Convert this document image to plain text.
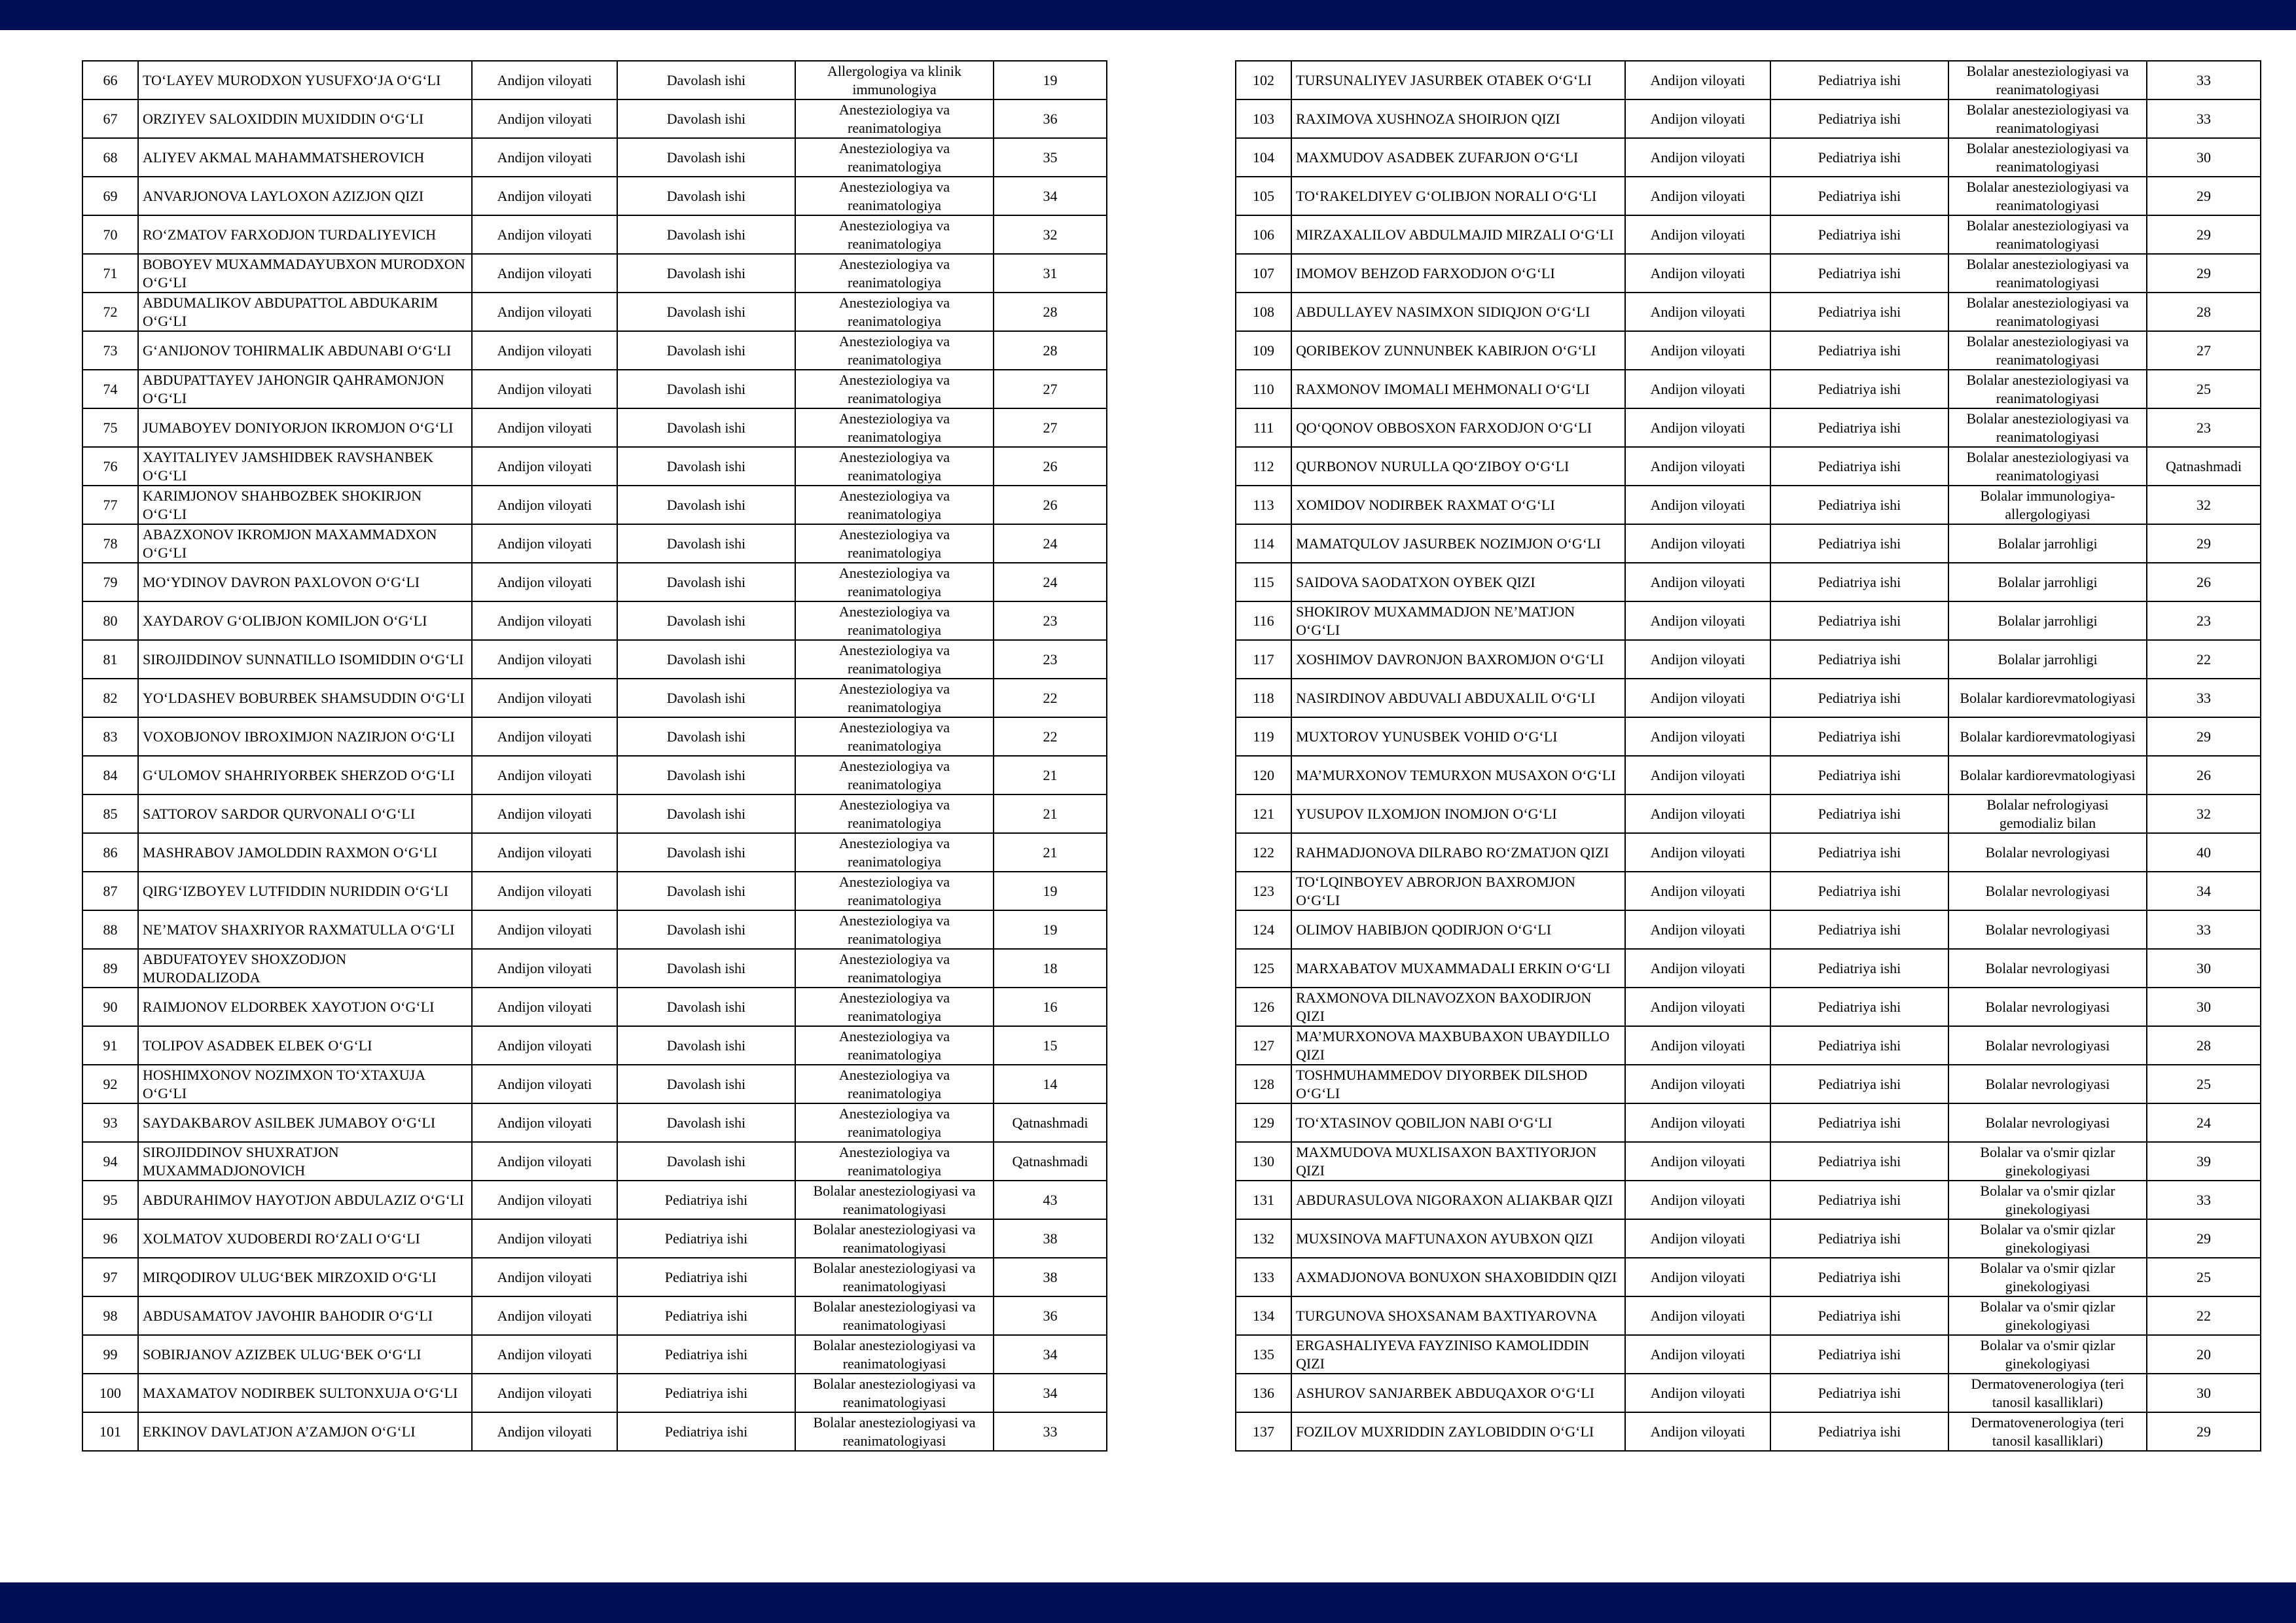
66	TO‘LAYEV MURODXON YUSUFXO‘JA O‘G‘LI	Andijon viloyati	Davolash ishi	Allergologiya va klinik immunologiya	19
67	ORZIYEV SALOXIDDIN MUXIDDIN O‘G‘LI	Andijon viloyati	Davolash ishi	Anesteziologiya va reanimatologiya	36
68	ALIYEV AKMAL MAHAMMATSHEROVICH	Andijon viloyati	Davolash ishi	Anesteziologiya va reanimatologiya	35
69	ANVARJONOVA LAYLOXON AZIZJON QIZI	Andijon viloyati	Davolash ishi	Anesteziologiya va reanimatologiya	34
70	RO‘ZMATOV FARXODJON TURDALIYEVICH	Andijon viloyati	Davolash ishi	Anesteziologiya va reanimatologiya	32
71	BOBOYEV MUXAMMADAYUBXON MURODXON O‘G‘LI	Andijon viloyati	Davolash ishi	Anesteziologiya va reanimatologiya	31
72	ABDUMALIKOV ABDUPATTOL ABDUKARIM O‘G‘LI	Andijon viloyati	Davolash ishi	Anesteziologiya va reanimatologiya	28
73	G‘ANIJONOV TOHIRMALIK ABDUNABI O‘G‘LI	Andijon viloyati	Davolash ishi	Anesteziologiya va reanimatologiya	28
74	ABDUPATTAYEV JAHONGIR QAHRAMONJON O‘G‘LI	Andijon viloyati	Davolash ishi	Anesteziologiya va reanimatologiya	27
75	JUMABOYEV DONIYORJON IKROMJON O‘G‘LI	Andijon viloyati	Davolash ishi	Anesteziologiya va reanimatologiya	27
76	XAYITALIYEV JAMSHIDBEK RAVSHANBEK O‘G‘LI	Andijon viloyati	Davolash ishi	Anesteziologiya va reanimatologiya	26
77	KARIMJONOV SHAHBOZBEK SHOKIRJON O‘G‘LI	Andijon viloyati	Davolash ishi	Anesteziologiya va reanimatologiya	26
78	ABAZXONOV IKROMJON MAXAMMADXON O‘G‘LI	Andijon viloyati	Davolash ishi	Anesteziologiya va reanimatologiya	24
79	MO‘YDINOV DAVRON PAXLOVON O‘G‘LI	Andijon viloyati	Davolash ishi	Anesteziologiya va reanimatologiya	24
80	XAYDAROV G‘OLIBJON KOMILJON O‘G‘LI	Andijon viloyati	Davolash ishi	Anesteziologiya va reanimatologiya	23
81	SIROJIDDINOV SUNNATILLO ISOMIDDIN O‘G‘LI	Andijon viloyati	Davolash ishi	Anesteziologiya va reanimatologiya	23
82	YO‘LDASHEV BOBURBEK SHAMSUDDIN O‘G‘LI	Andijon viloyati	Davolash ishi	Anesteziologiya va reanimatologiya	22
83	VOXOBJONOV IBROXIMJON NAZIRJON O‘G‘LI	Andijon viloyati	Davolash ishi	Anesteziologiya va reanimatologiya	22
84	G‘ULOMOV SHAHRIYORBEK SHERZOD O‘G‘LI	Andijon viloyati	Davolash ishi	Anesteziologiya va reanimatologiya	21
85	SATTOROV SARDOR QURVONALI O‘G‘LI	Andijon viloyati	Davolash ishi	Anesteziologiya va reanimatologiya	21
86	MASHRABOV JAMOLDDIN RAXMON O‘G‘LI	Andijon viloyati	Davolash ishi	Anesteziologiya va reanimatologiya	21
87	QIRG‘IZBOYEV LUTFIDDIN NURIDDIN O‘G‘LI	Andijon viloyati	Davolash ishi	Anesteziologiya va reanimatologiya	19
88	NE’MATOV SHAXRIYOR RAXMATULLA O‘G‘LI	Andijon viloyati	Davolash ishi	Anesteziologiya va reanimatologiya	19
89	ABDUFATOYEV SHOXZODJON MURODALIZODA	Andijon viloyati	Davolash ishi	Anesteziologiya va reanimatologiya	18
90	RAIMJONOV ELDORBEK XAYOTJON O‘G‘LI	Andijon viloyati	Davolash ishi	Anesteziologiya va reanimatologiya	16
91	TOLIPOV ASADBEK ELBEK O‘G‘LI	Andijon viloyati	Davolash ishi	Anesteziologiya va reanimatologiya	15
92	HOSHIMXONOV NOZIMXON TO‘XTAXUJA O‘G‘LI	Andijon viloyati	Davolash ishi	Anesteziologiya va reanimatologiya	14
93	SAYDAKBAROV ASILBEK JUMABOY O‘G‘LI	Andijon viloyati	Davolash ishi	Anesteziologiya va reanimatologiya	Qatnashmadi
94	SIROJIDDINOV SHUXRATJON MUXAMMADJONOVICH	Andijon viloyati	Davolash ishi	Anesteziologiya va reanimatologiya	Qatnashmadi
95	ABDURAHIMOV HAYOTJON ABDULAZIZ O‘G‘LI	Andijon viloyati	Pediatriya ishi	Bolalar anesteziologiyasi va reanimatologiyasi	43
96	XOLMATOV XUDOBERDI RO‘ZALI O‘G‘LI	Andijon viloyati	Pediatriya ishi	Bolalar anesteziologiyasi va reanimatologiyasi	38
97	MIRQODIROV ULUG‘BEK MIRZOXID O‘G‘LI	Andijon viloyati	Pediatriya ishi	Bolalar anesteziologiyasi va reanimatologiyasi	38
98	ABDUSAMATOV JAVOHIR BAHODIR O‘G‘LI	Andijon viloyati	Pediatriya ishi	Bolalar anesteziologiyasi va reanimatologiyasi	36
99	SOBIRJANOV AZIZBEK ULUG‘BEK O‘G‘LI	Andijon viloyati	Pediatriya ishi	Bolalar anesteziologiyasi va reanimatologiyasi	34
100	MAXAMATOV NODIRBEK SULTONXUJA O‘G‘LI	Andijon viloyati	Pediatriya ishi	Bolalar anesteziologiyasi va reanimatologiyasi	34
101	ERKINOV DAVLATJON A’ZAMJON O‘G‘LI	Andijon viloyati	Pediatriya ishi	Bolalar anesteziologiyasi va reanimatologiyasi	33
102	TURSUNALIYEV JASURBEK OTABEK O‘G‘LI	Andijon viloyati	Pediatriya ishi	Bolalar anesteziologiyasi va reanimatologiyasi	33
103	RAXIMOVA XUSHNOZA SHOIRJON QIZI	Andijon viloyati	Pediatriya ishi	Bolalar anesteziologiyasi va reanimatologiyasi	33
104	MAXMUDOV ASADBEK ZUFARJON O‘G‘LI	Andijon viloyati	Pediatriya ishi	Bolalar anesteziologiyasi va reanimatologiyasi	30
105	TO‘RAKELDIYEV G‘OLIBJON NORALI O‘G‘LI	Andijon viloyati	Pediatriya ishi	Bolalar anesteziologiyasi va reanimatologiyasi	29
106	MIRZAXALILOV ABDULMAJID MIRZALI O‘G‘LI	Andijon viloyati	Pediatriya ishi	Bolalar anesteziologiyasi va reanimatologiyasi	29
107	IMOMOV BEHZOD FARXODJON O‘G‘LI	Andijon viloyati	Pediatriya ishi	Bolalar anesteziologiyasi va reanimatologiyasi	29
108	ABDULLAYEV NASIMXON SIDIQJON O‘G‘LI	Andijon viloyati	Pediatriya ishi	Bolalar anesteziologiyasi va reanimatologiyasi	28
109	QORIBEKOV ZUNNUNBEK KABIRJON O‘G‘LI	Andijon viloyati	Pediatriya ishi	Bolalar anesteziologiyasi va reanimatologiyasi	27
110	RAXMONOV IMOMALI MEHMONALI O‘G‘LI	Andijon viloyati	Pediatriya ishi	Bolalar anesteziologiyasi va reanimatologiyasi	25
111	QO‘QONOV OBBOSXON FARXODJON O‘G‘LI	Andijon viloyati	Pediatriya ishi	Bolalar anesteziologiyasi va reanimatologiyasi	23
112	QURBONOV NURULLA QO‘ZIBOY O‘G‘LI	Andijon viloyati	Pediatriya ishi	Bolalar anesteziologiyasi va reanimatologiyasi	Qatnashmadi
113	XOMIDOV NODIRBEK RAXMAT O‘G‘LI	Andijon viloyati	Pediatriya ishi	Bolalar immunologiya-allergologiyasi	32
114	MAMATQULOV JASURBEK NOZIMJON O‘G‘LI	Andijon viloyati	Pediatriya ishi	Bolalar jarrohligi	29
115	SAIDOVA SAODATXON OYBEK QIZI	Andijon viloyati	Pediatriya ishi	Bolalar jarrohligi	26
116	SHOKIROV MUXAMMADJON NE’MATJON O‘G‘LI	Andijon viloyati	Pediatriya ishi	Bolalar jarrohligi	23
117	XOSHIMOV DAVRONJON BAXROMJON O‘G‘LI	Andijon viloyati	Pediatriya ishi	Bolalar jarrohligi	22
118	NASIRDINOV ABDUVALI ABDUXALIL O‘G‘LI	Andijon viloyati	Pediatriya ishi	Bolalar kardiorevmatologiyasi	33
119	MUXTOROV YUNUSBEK VOHID O‘G‘LI	Andijon viloyati	Pediatriya ishi	Bolalar kardiorevmatologiyasi	29
120	MA’MURXONOV TEMURXON MUSAXON O‘G‘LI	Andijon viloyati	Pediatriya ishi	Bolalar kardiorevmatologiyasi	26
121	YUSUPOV ILXOMJON INOMJON O‘G‘LI	Andijon viloyati	Pediatriya ishi	Bolalar nefrologiyasi gemodializ bilan	32
122	RAHMADJONOVA DILRABO RO‘ZMATJON QIZI	Andijon viloyati	Pediatriya ishi	Bolalar nevrologiyasi	40
123	TO‘LQINBOYEV ABRORJON BAXROMJON O‘G‘LI	Andijon viloyati	Pediatriya ishi	Bolalar nevrologiyasi	34
124	OLIMOV HABIBJON QODIRJON O‘G‘LI	Andijon viloyati	Pediatriya ishi	Bolalar nevrologiyasi	33
125	MARXABATOV MUXAMMADALI ERKIN O‘G‘LI	Andijon viloyati	Pediatriya ishi	Bolalar nevrologiyasi	30
126	RAXMONOVA DILNAVOZXON BAXODIRJON QIZI	Andijon viloyati	Pediatriya ishi	Bolalar nevrologiyasi	30
127	MA’MURXONOVA MAXBUBAXON UBAYDILLO QIZI	Andijon viloyati	Pediatriya ishi	Bolalar nevrologiyasi	28
128	TOSHMUHAMMEDOV DIYORBEK DILSHOD O‘G‘LI	Andijon viloyati	Pediatriya ishi	Bolalar nevrologiyasi	25
129	TO‘XTASINOV QOBILJON NABI O‘G‘LI	Andijon viloyati	Pediatriya ishi	Bolalar nevrologiyasi	24
130	MAXMUDOVA MUXLISAXON BAXTIYORJON QIZI	Andijon viloyati	Pediatriya ishi	Bolalar va o'smir qizlar ginekologiyasi	39
131	ABDURASULOVA NIGORAXON ALIAKBAR QIZI	Andijon viloyati	Pediatriya ishi	Bolalar va o'smir qizlar ginekologiyasi	33
132	MUXSINOVA MAFTUNAXON AYUBXON QIZI	Andijon viloyati	Pediatriya ishi	Bolalar va o'smir qizlar ginekologiyasi	29
133	AXMADJONOVA BONUXON SHAXOBIDDIN QIZI	Andijon viloyati	Pediatriya ishi	Bolalar va o'smir qizlar ginekologiyasi	25
134	TURGUNOVA SHOXSANAM BAXTIYAROVNA	Andijon viloyati	Pediatriya ishi	Bolalar va o'smir qizlar ginekologiyasi	22
135	ERGASHALIYEVA FAYZINISO KAMOLIDDIN QIZI	Andijon viloyati	Pediatriya ishi	Bolalar va o'smir qizlar ginekologiyasi	20
136	ASHUROV SANJARBEK ABDUQAXOR O‘G‘LI	Andijon viloyati	Pediatriya ishi	Dermatovenerologiya (teri tanosil kasalliklari)	30
137	FOZILOV MUXRIDDIN ZAYLOBIDDIN O‘G‘LI	Andijon viloyati	Pediatriya ishi	Dermatovenerologiya (teri tanosil kasalliklari)	29
